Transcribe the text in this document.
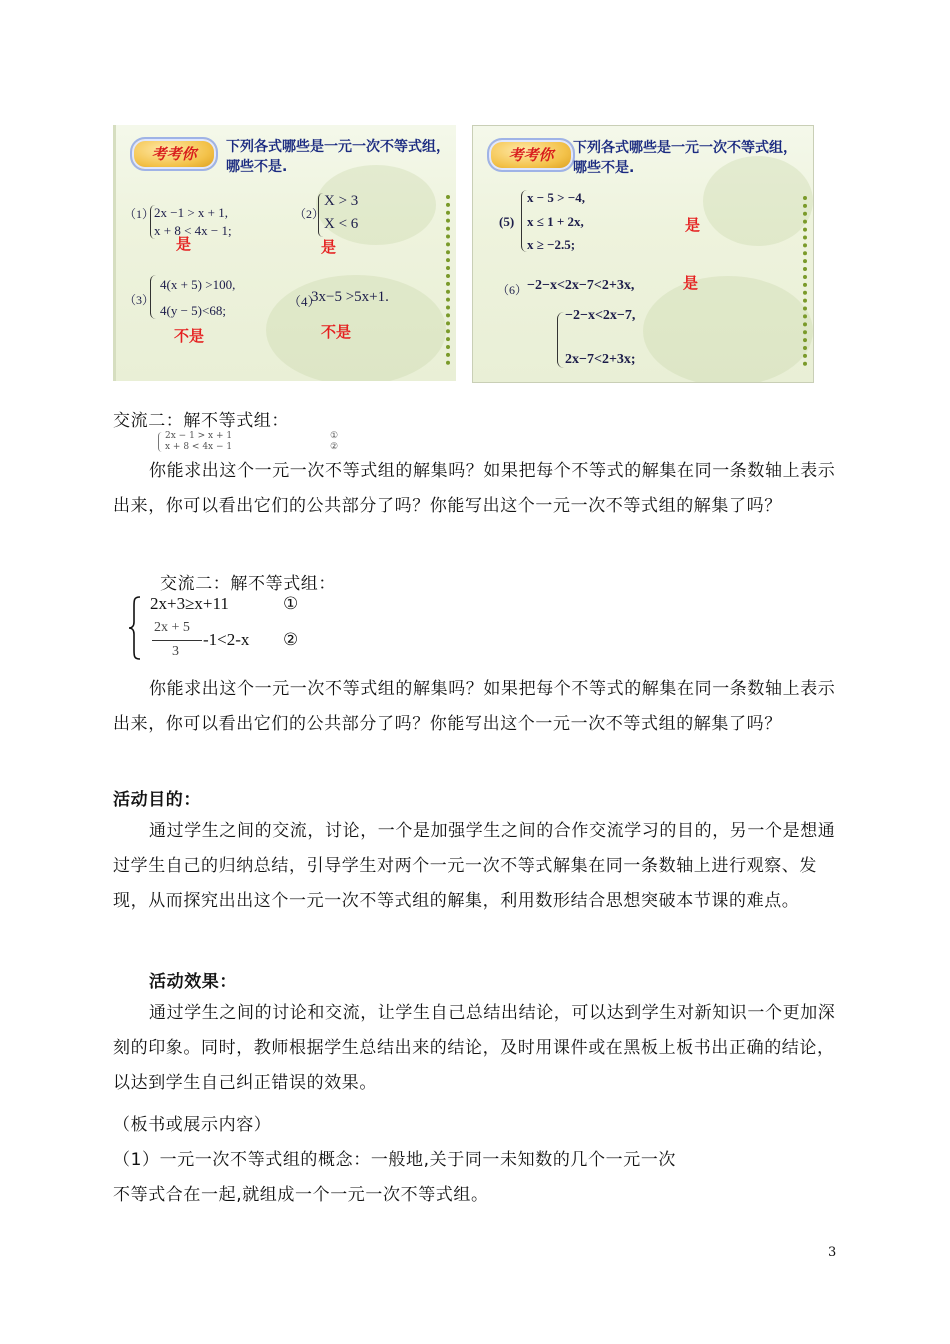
考考你	下列各式哪些是一元一次不等式组，哪些不是.
（1） 2x −1 > x + 1,
x + 8 < 4x − 1;
是
（2）
X > 3
X < 6
是
（3）
4(x + 5) >100,
4(y − 5)<68;
不是
（4）
3x−5 >5x+1.
不是
考考你	下列各式哪些是一元一次不等式组，哪些不是.
(5)
x − 5 > −4,
x ≤ 1 + 2x,
x ≥ −2.5;
是
（6） −2−x<2x−7<2+3x,	是
−2−x<2x−7,
2x−7<2+3x;
交流二：解不等式组：
2x − 1 > x + 1
x + 8 < 4x − 1
①
②
你能求出这个一元一次不等式组的解集吗？如果把每个不等式的解集在同一条数轴上表示出来，你可以看出它们的公共部分了吗？你能写出这个一元一次不等式组的解集了吗？
交流二：解不等式组：
2x+3≥x+11	①
2x + 5
3
-1<2-x ②
你能求出这个一元一次不等式组的解集吗？如果把每个不等式的解集在同一条数轴上表示出来，你可以看出它们的公共部分了吗？你能写出这个一元一次不等式组的解集了吗？
活动目的：
通过学生之间的交流，讨论，一个是加强学生之间的合作交流学习的目的，另一个是想通过学生自己的归纳总结，引导学生对两个一元一次不等式解集在同一条数轴上进行观察、发现，从而探究出出这个一元一次不等式组的解集，利用数形结合思想突破本节课的难点。
活动效果：
通过学生之间的讨论和交流，让学生自己总结出结论，可以达到学生对新知识一个更加深刻的印象。同时，教师根据学生总结出来的结论，及时用课件或在黑板上板书出正确的结论，以达到学生自己纠正错误的效果。
（板书或展示内容）
（1）一元一次不等式组的概念：一般地,关于同一未知数的几个一元一次
不等式合在一起,就组成一个一元一次不等式组。
3
